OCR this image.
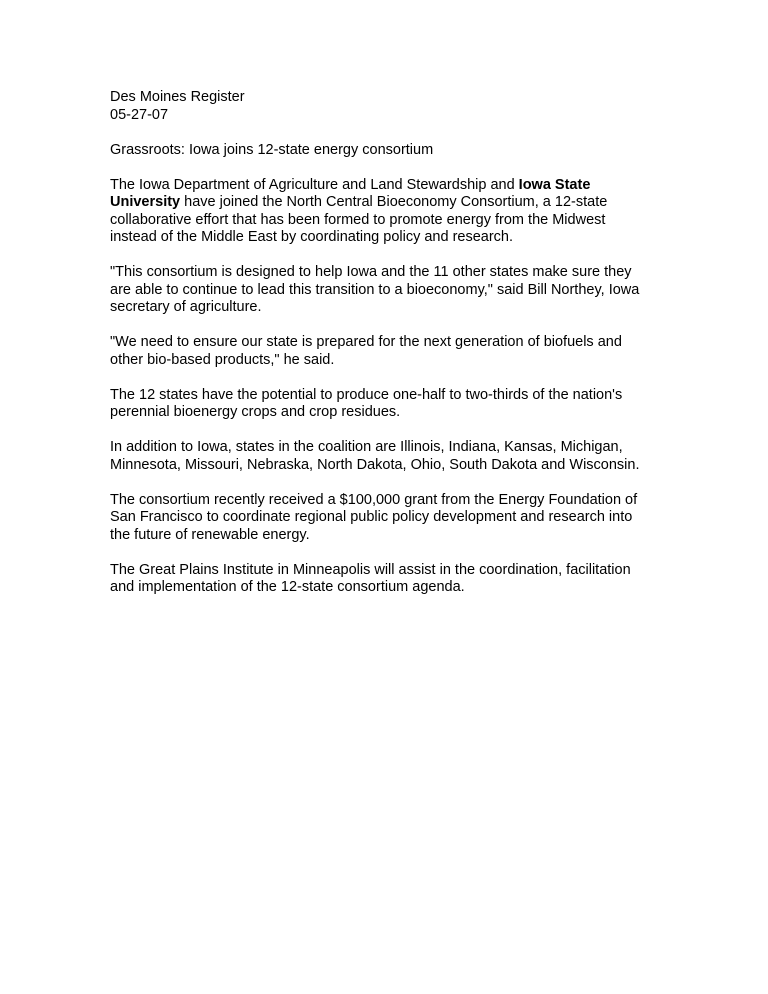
Des Moines Register
05-27-07
Grassroots: Iowa joins 12-state energy consortium
The Iowa Department of Agriculture and Land Stewardship and Iowa State University have joined the North Central Bioeconomy Consortium, a 12-state collaborative effort that has been formed to promote energy from the Midwest instead of the Middle East by coordinating policy and research.
"This consortium is designed to help Iowa and the 11 other states make sure they are able to continue to lead this transition to a bioeconomy," said Bill Northey, Iowa secretary of agriculture.
"We need to ensure our state is prepared for the next generation of biofuels and other bio-based products," he said.
The 12 states have the potential to produce one-half to two-thirds of the nation's perennial bioenergy crops and crop residues.
In addition to Iowa, states in the coalition are Illinois, Indiana, Kansas, Michigan, Minnesota, Missouri, Nebraska, North Dakota, Ohio, South Dakota and Wisconsin.
The consortium recently received a $100,000 grant from the Energy Foundation of San Francisco to coordinate regional public policy development and research into the future of renewable energy.
The Great Plains Institute in Minneapolis will assist in the coordination, facilitation and implementation of the 12-state consortium agenda.
